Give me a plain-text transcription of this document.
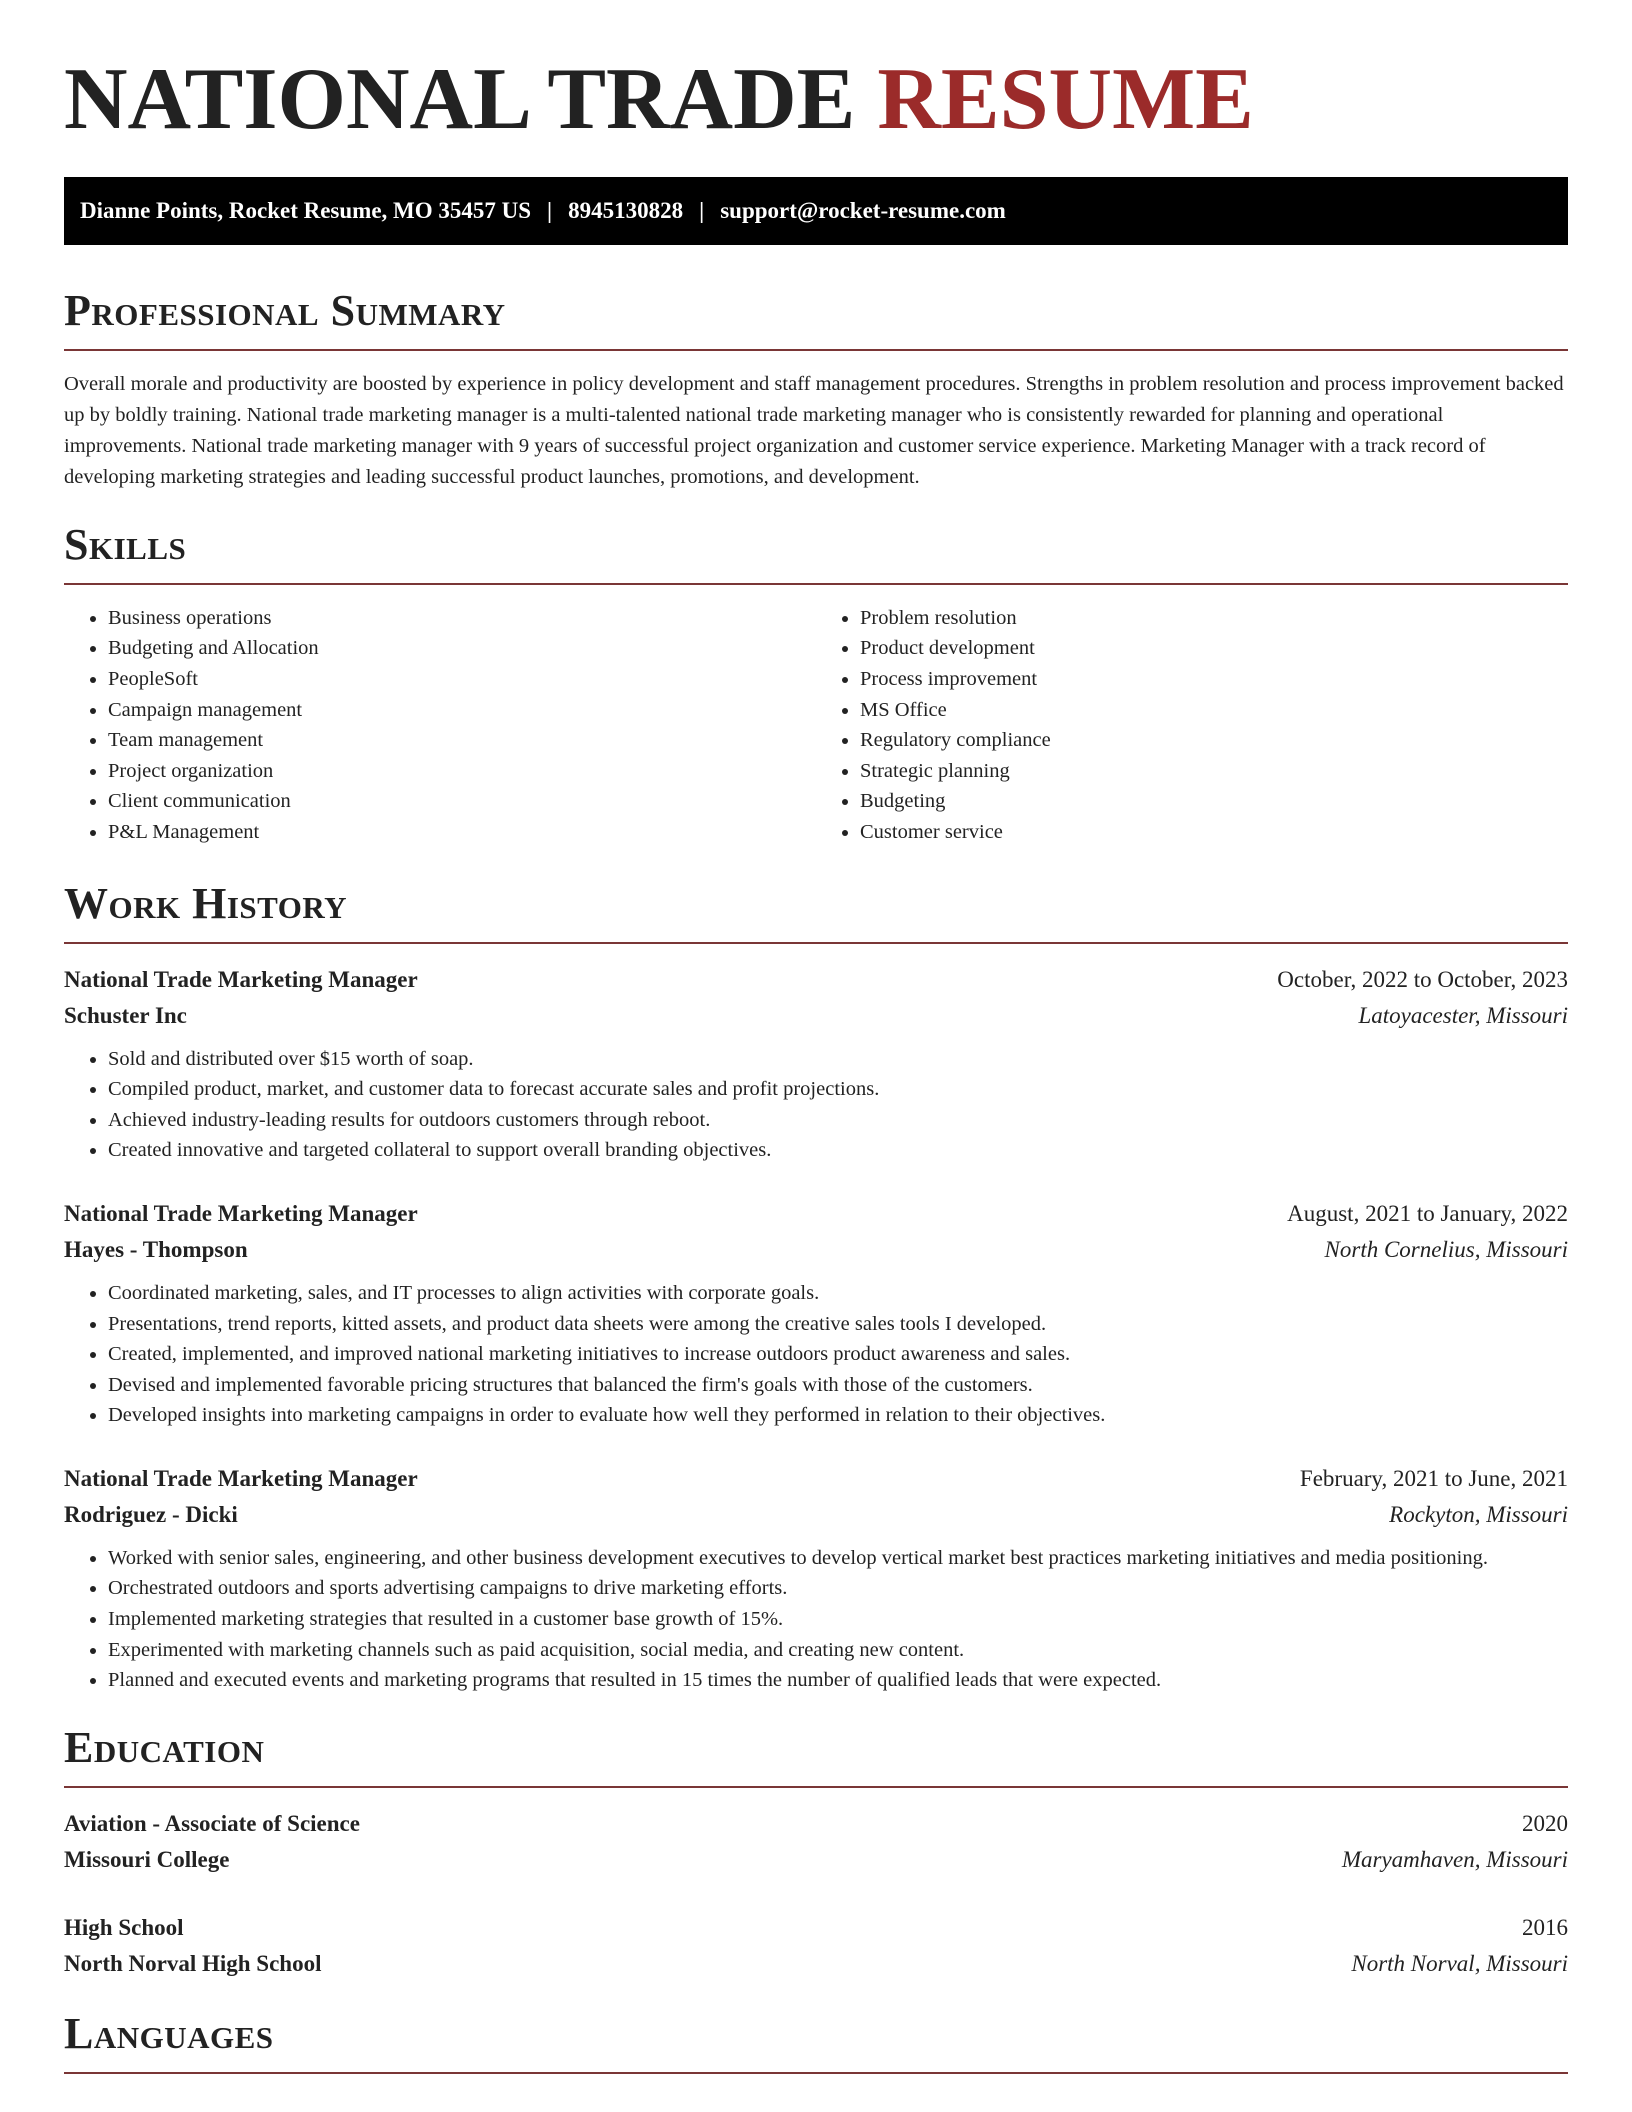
NATIONAL TRADE RESUME
Dianne Points, Rocket Resume, MO 35457 US | 8945130828 | support@rocket-resume.com
Professional Summary

Overall morale and productivity are boosted by experience in policy development and staff management procedures. Strengths in problem resolution and process improvement backed up by boldly training. National trade marketing manager is a multi-talented national trade marketing manager who is consistently rewarded for planning and operational improvements. National trade marketing manager with 9 years of successful project organization and customer service experience. Marketing Manager with a track record of developing marketing strategies and leading successful product launches, promotions, and development.

Skills
• Business operations
• Budgeting and Allocation
• PeopleSoft
• Campaign management
• Team management
• Project organization
• Client communication
• P&L Management
• Problem resolution
• Product development
• Process improvement
• MS Office
• Regulatory compliance
• Strategic planning
• Budgeting
• Customer service
Work History
National Trade Marketing Manager	October, 2022 to October, 2023
Schuster Inc	Latoyacester, Missouri
• Sold and distributed over $15 worth of soap.
• Compiled product, market, and customer data to forecast accurate sales and profit projections.
• Achieved industry-leading results for outdoors customers through reboot.
• Created innovative and targeted collateral to support overall branding objectives.
National Trade Marketing Manager	August, 2021 to January, 2022
Hayes - Thompson	North Cornelius, Missouri
• Coordinated marketing, sales, and IT processes to align activities with corporate goals.
• Presentations, trend reports, kitted assets, and product data sheets were among the creative sales tools I developed.
• Created, implemented, and improved national marketing initiatives to increase outdoors product awareness and sales.
• Devised and implemented favorable pricing structures that balanced the firm's goals with those of the customers.
• Developed insights into marketing campaigns in order to evaluate how well they performed in relation to their objectives.
National Trade Marketing Manager	February, 2021 to June, 2021
Rodriguez - Dicki	Rockyton, Missouri
• Worked with senior sales, engineering, and other business development executives to develop vertical market best practices marketing initiatives and media positioning.
• Orchestrated outdoors and sports advertising campaigns to drive marketing efforts.
• Implemented marketing strategies that resulted in a customer base growth of 15%.
• Experimented with marketing channels such as paid acquisition, social media, and creating new content.
• Planned and executed events and marketing programs that resulted in 15 times the number of qualified leads that were expected.
Education
Aviation - Associate of Science	2020
Missouri College	Maryamhaven, Missouri
High School	2016
North Norval High School	North Norval, Missouri
Languages
